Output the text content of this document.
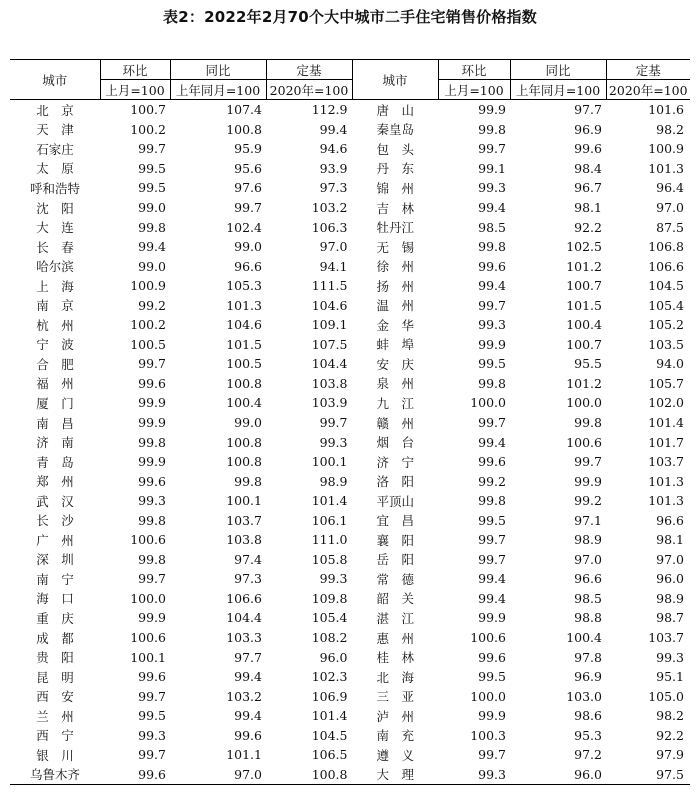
表2：2022年2月70个大中城市二手住宅销售价格指数
城市	环比	同比	定基	城市	环比	同比	定基
	上月=100	上年同月=100	2020年=100		上月=100	上年同月=100	2020年=100
北　京	100.7	107.4	112.9	唐　山	99.9	97.7	101.6
天　津	100.2	100.8	99.4	秦皇岛	99.8	96.9	98.2
石家庄	99.7	95.9	94.6	包　头	99.7	99.6	100.9
太　原	99.5	95.6	93.9	丹　东	99.1	98.4	101.3
呼和浩特	99.5	97.6	97.3	锦　州	99.3	96.7	96.4
沈　阳	99.0	99.7	103.2	吉　林	99.4	98.1	97.0
大　连	99.8	102.4	106.3	牡丹江	98.5	92.2	87.5
长　春	99.4	99.0	97.0	无　锡	99.8	102.5	106.8
哈尔滨	99.0	96.6	94.1	徐　州	99.6	101.2	106.6
上　海	100.9	105.3	111.5	扬　州	99.4	100.7	104.5
南　京	99.2	101.3	104.6	温　州	99.7	101.5	105.4
杭　州	100.2	104.6	109.1	金　华	99.3	100.4	105.2
宁　波	100.5	101.5	107.5	蚌　埠	99.9	100.7	103.5
合　肥	99.7	100.5	104.4	安　庆	99.5	95.5	94.0
福　州	99.6	100.8	103.8	泉　州	99.8	101.2	105.7
厦　门	99.9	100.4	103.9	九　江	100.0	100.0	102.0
南　昌	99.9	99.0	99.7	赣　州	99.7	99.8	101.4
济　南	99.8	100.8	99.3	烟　台	99.4	100.6	101.7
青　岛	99.9	100.8	100.1	济　宁	99.6	99.7	103.7
郑　州	99.6	99.8	98.9	洛　阳	99.2	99.9	101.3
武　汉	99.3	100.1	101.4	平顶山	99.8	99.2	101.3
长　沙	99.8	103.7	106.1	宜　昌	99.5	97.1	96.6
广　州	100.6	103.8	111.0	襄　阳	99.7	98.9	98.1
深　圳	99.8	97.4	105.8	岳　阳	99.7	97.0	97.0
南　宁	99.7	97.3	99.3	常　德	99.4	96.6	96.0
海　口	100.0	106.6	109.8	韶　关	99.4	98.5	98.9
重　庆	99.9	104.4	105.4	湛　江	99.9	98.8	98.7
成　都	100.6	103.3	108.2	惠　州	100.6	100.4	103.7
贵　阳	100.1	97.7	96.0	桂　林	99.6	97.8	99.3
昆　明	99.6	99.4	102.3	北　海	99.5	96.9	95.1
西　安	99.7	103.2	106.9	三　亚	100.0	103.0	105.0
兰　州	99.5	99.4	101.4	泸　州	99.9	98.6	98.2
西　宁	99.3	99.6	104.5	南　充	100.3	95.3	92.2
银　川	99.7	101.1	106.5	遵　义	99.7	97.2	97.9
乌鲁木齐	99.6	97.0	100.8	大　理	99.3	96.0	97.5
